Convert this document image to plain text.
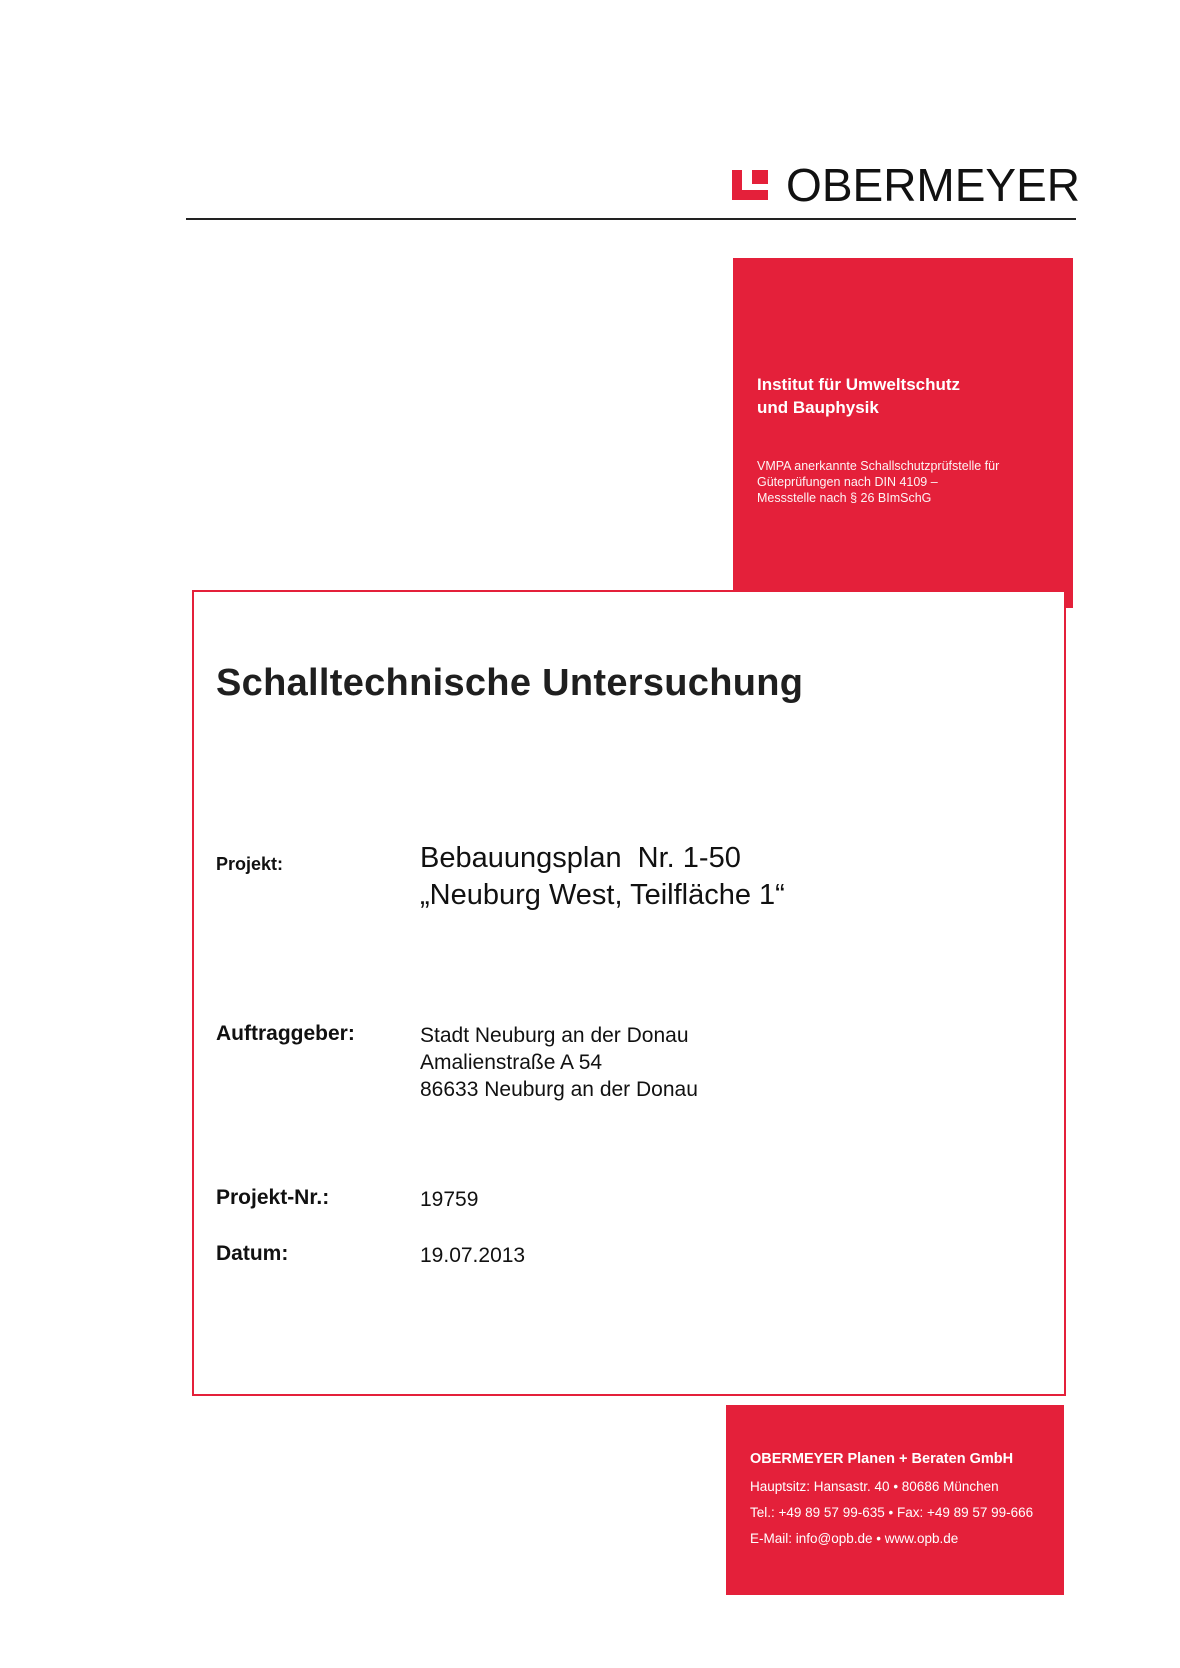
OBERMEYER
Institut für Umweltschutz
und Bauphysik
VMPA anerkannte Schallschutzprüfstelle für
Güteprüfungen nach DIN 4109 –
Messstelle nach § 26 BImSchG
OBERMEYER Planen + Beraten GmbH
Hauptsitz: Hansastr. 40 • 80686 München
Tel.: +49 89 57 99-635 • Fax: +49 89 57 99-666
E-Mail: info@opb.de • www.opb.de
Schalltechnische Untersuchung
Projekt:	Bebauungsplan  Nr. 1-50
„Neuburg West, Teilfläche 1“
Auftraggeber:	Stadt Neuburg an der Donau
Amalienstraße A 54
86633 Neuburg an der Donau
Projekt-Nr.:	19759
Datum:	19.07.2013
